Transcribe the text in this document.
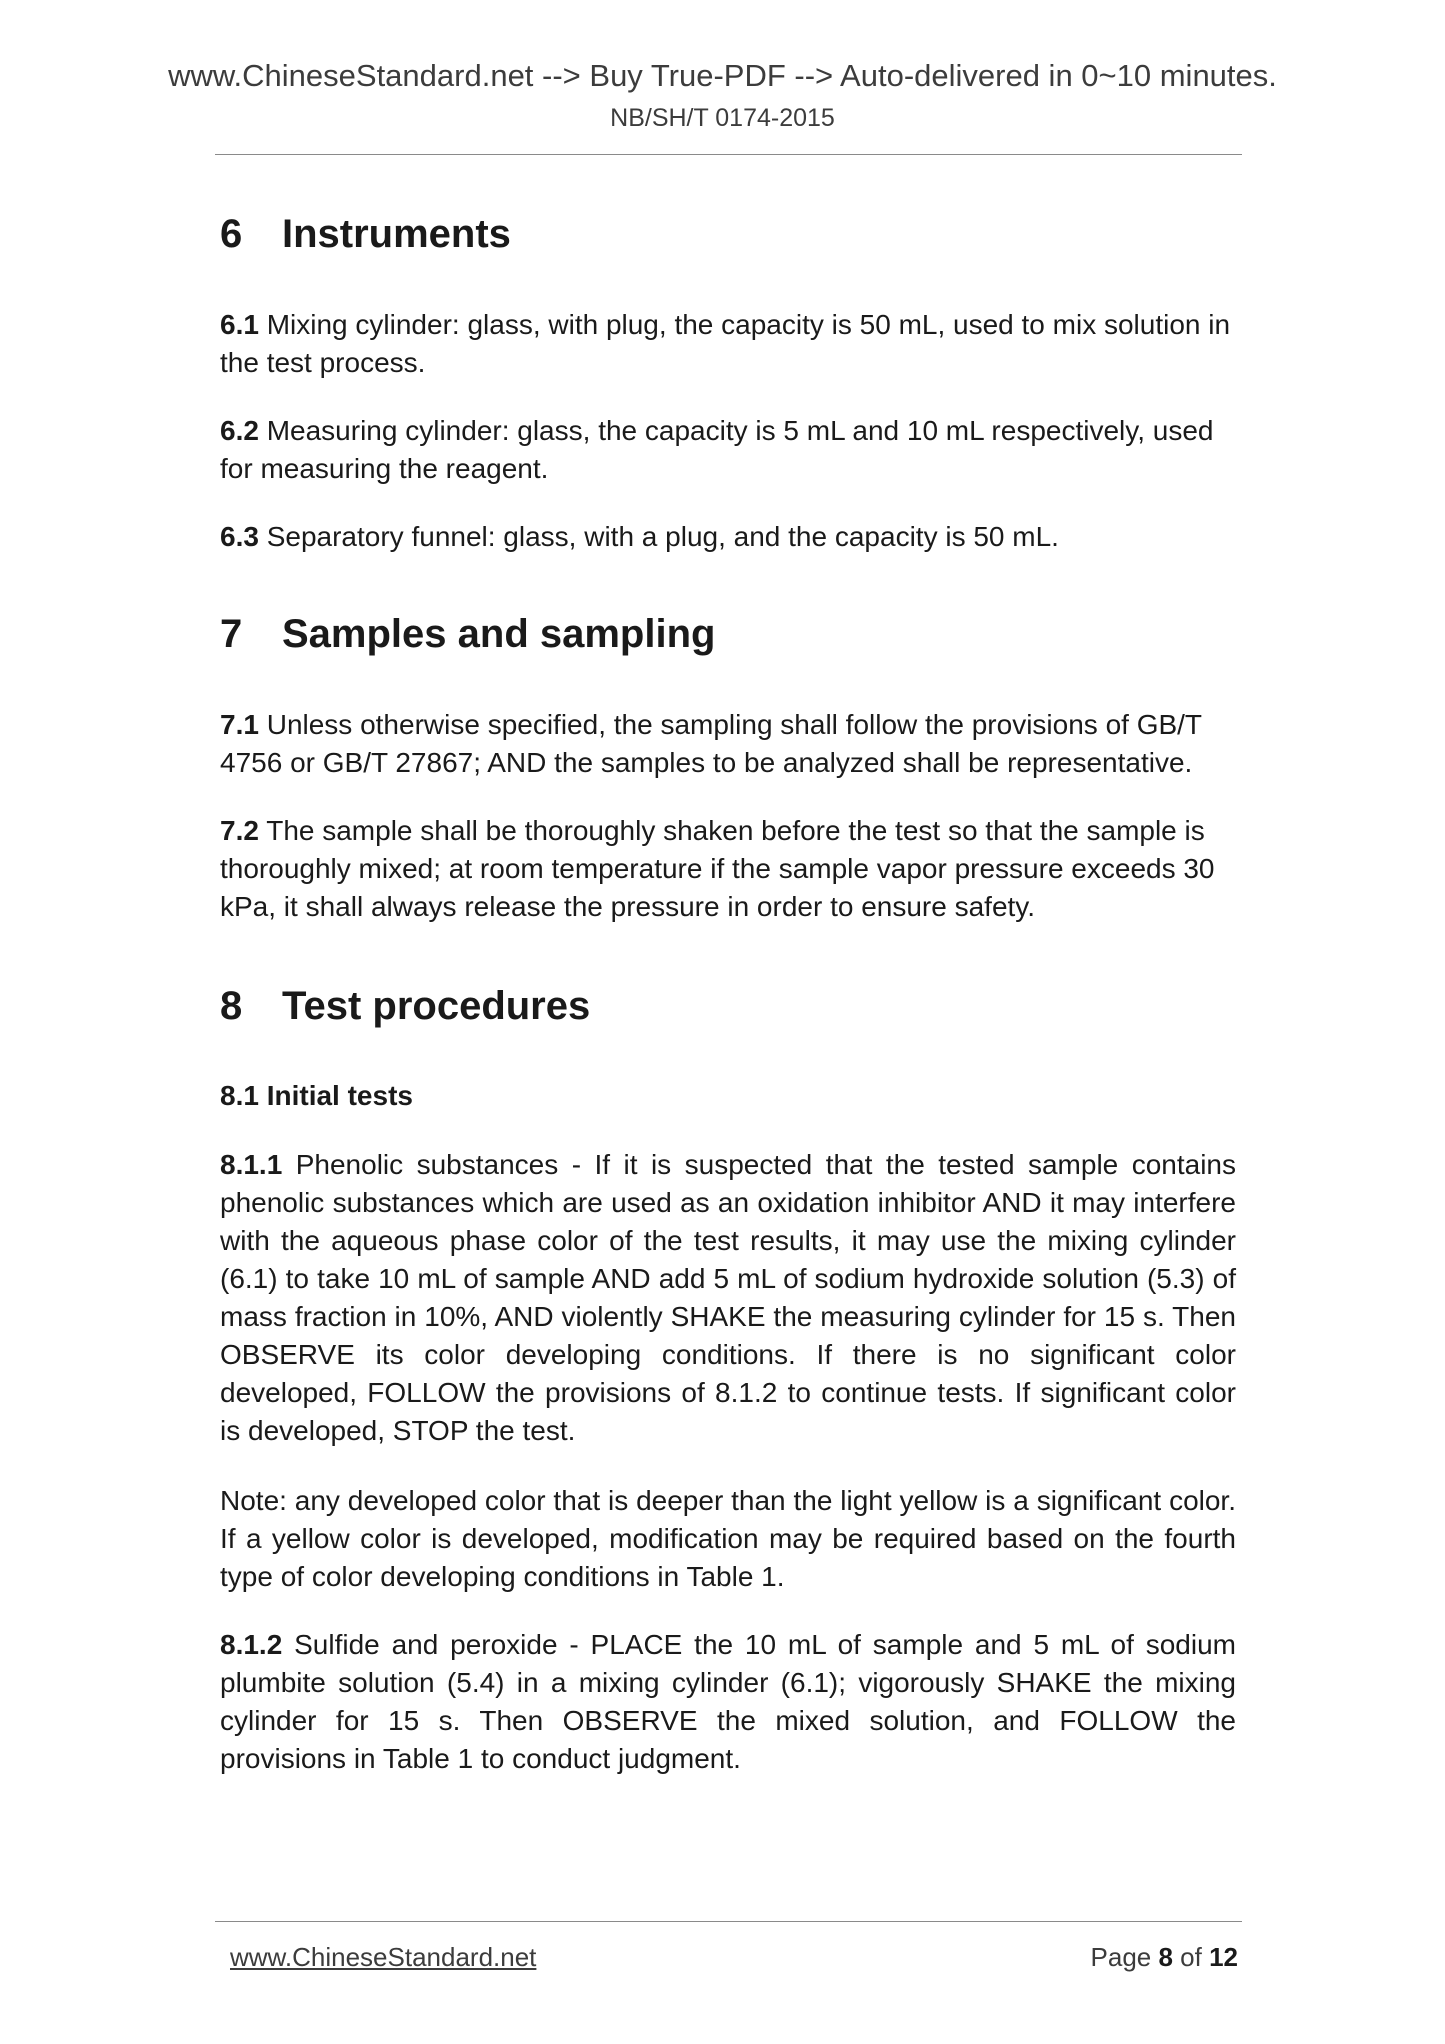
www.ChineseStandard.net --> Buy True-PDF --> Auto-delivered in 0~10 minutes.
NB/SH/T 0174-2015
6 Instruments

6.1 Mixing cylinder: glass, with plug, the capacity is 50 mL, used to mix solution in the test process.

6.2 Measuring cylinder: glass, the capacity is 5 mL and 10 mL respectively, used for measuring the reagent.

6.3 Separatory funnel: glass, with a plug, and the capacity is 50 mL.

7 Samples and sampling

7.1 Unless otherwise specified, the sampling shall follow the provisions of GB/T 4756 or GB/T 27867; AND the samples to be analyzed shall be representative.

7.2 The sample shall be thoroughly shaken before the test so that the sample is thoroughly mixed; at room temperature if the sample vapor pressure exceeds 30 kPa, it shall always release the pressure in order to ensure safety.

8 Test procedures
8.1 Initial tests

8.1.1 Phenolic substances - If it is suspected that the tested sample contains phenolic substances which are used as an oxidation inhibitor AND it may interfere with the aqueous phase color of the test results, it may use the mixing cylinder (6.1) to take 10 mL of sample AND add 5 mL of sodium hydroxide solution (5.3) of mass fraction in 10%, AND violently SHAKE the measuring cylinder for 15 s. Then OBSERVE its color developing conditions. If there is no significant color developed, FOLLOW the provisions of 8.1.2 to continue tests. If significant color is developed, STOP the test.

Note: any developed color that is deeper than the light yellow is a significant color. If a yellow color is developed, modification may be required based on the fourth type of color developing conditions in Table 1.

8.1.2 Sulfide and peroxide - PLACE the 10 mL of sample and 5 mL of sodium plumbite solution (5.4) in a mixing cylinder (6.1); vigorously SHAKE the mixing cylinder for 15 s. Then OBSERVE the mixed solution, and FOLLOW the provisions in Table 1 to conduct judgment.

www.ChineseStandard.net	Page 8 of 12
